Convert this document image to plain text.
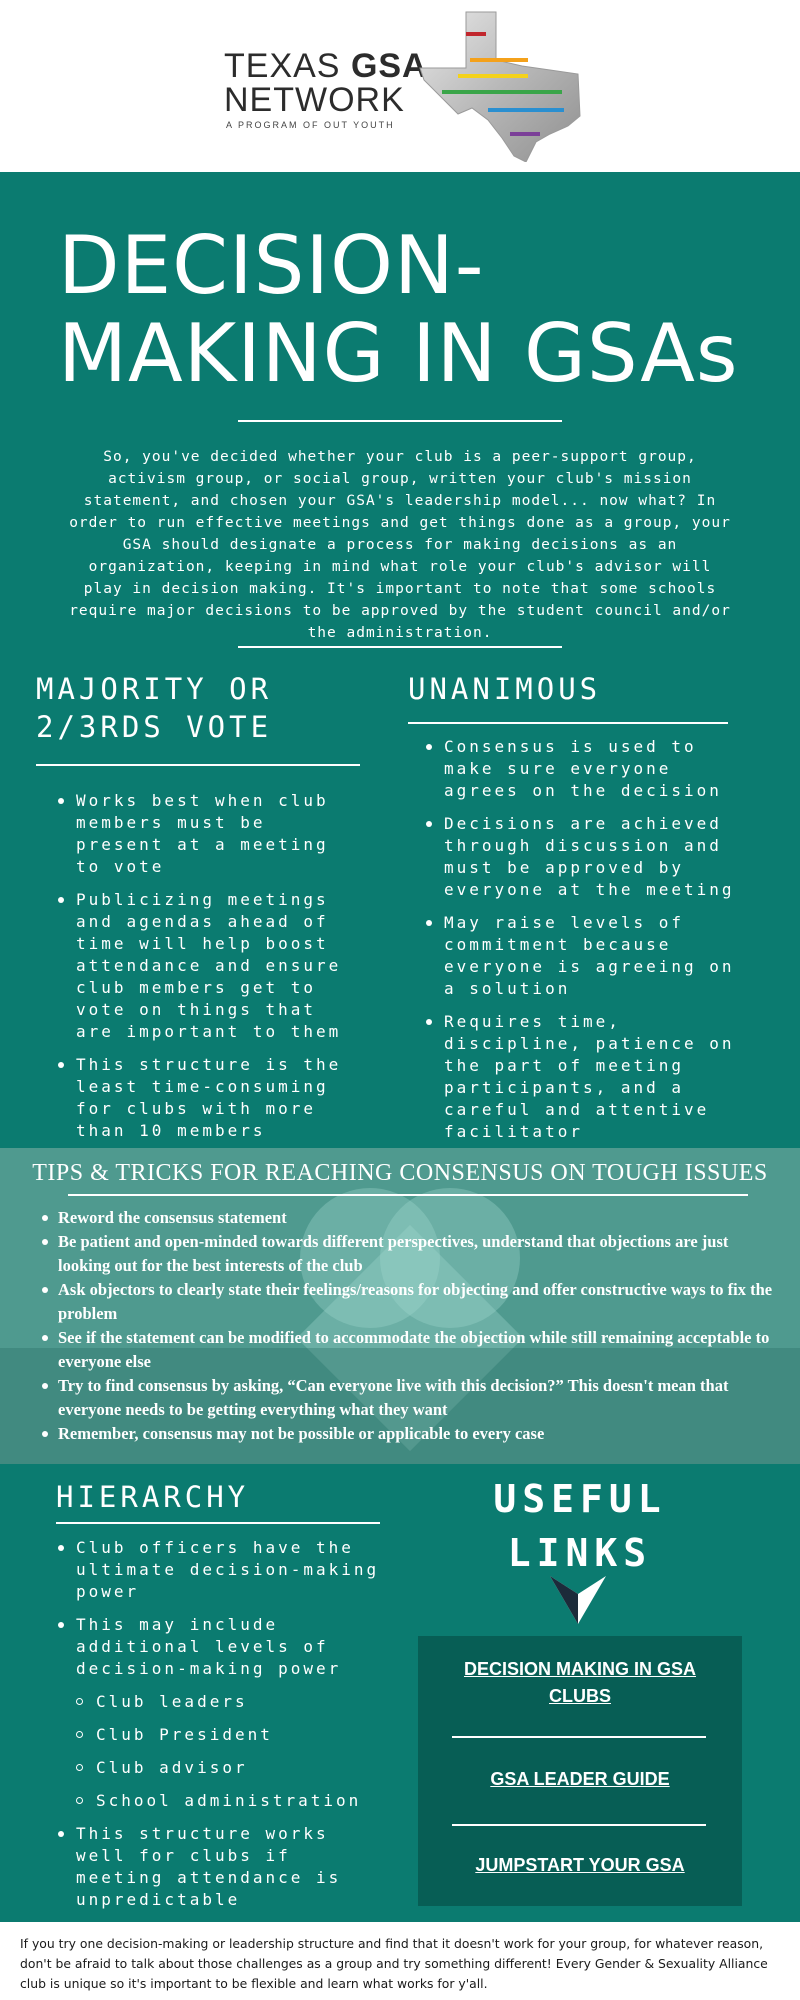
TEXAS GSA
NETWORK
A PROGRAM OF OUT YOUTH
DECISION-
MAKING IN GSAs
So, you've decided whether your club is a peer-support group, activism group, or social group, written your club's mission statement, and chosen your GSA's leadership model... now what? In order to run effective meetings and get things done as a group, your GSA should designate a process for making decisions as an organization, keeping in mind what role your club's advisor will play in decision making. It's important to note that some schools require major decisions to be approved by the student council and/or the administration.
MAJORITY OR
2/3RDS VOTE
Works best when club members must be present at a meeting to vote
Publicizing meetings and agendas ahead of time will help boost attendance and ensure club members get to vote on things that are important to them
This structure is the least time-consuming for clubs with more than 10 members
UNANIMOUS
Consensus is used to make sure everyone agrees on the decision
Decisions are achieved through discussion and must be approved by everyone at the meeting
May raise levels of commitment because everyone is agreeing on a solution
Requires time, discipline, patience on the part of meeting participants, and a careful and attentive facilitator
TIPS & TRICKS FOR REACHING CONSENSUS ON TOUGH ISSUES
Reword the consensus statement
Be patient and open-minded towards different perspectives, understand that objections are just looking out for the best interests of the club
Ask objectors to clearly state their feelings/reasons for objecting and offer constructive ways to fix the problem
See if the statement can be modified to accommodate the objection while still remaining acceptable to everyone else
Try to find consensus by asking, “Can everyone live with this decision?” This doesn't mean that everyone needs to be getting everything what they want
Remember, consensus may not be possible or applicable to every case
HIERARCHY
Club officers have the ultimate decision-making power
This may include additional levels of decision-making power
Club leaders
Club President
Club advisor
School administration
This structure works well for clubs if meeting attendance is unpredictable
USEFUL
LINKS
DECISION MAKING IN GSA CLUBS
GSA LEADER GUIDE
JUMPSTART YOUR GSA
If you try one decision-making or leadership structure and find that it doesn't work for your group, for whatever reason, don't be afraid to talk about those challenges as a group and try something different! Every Gender & Sexuality Alliance club is unique so it's important to be flexible and learn what works for y'all.
